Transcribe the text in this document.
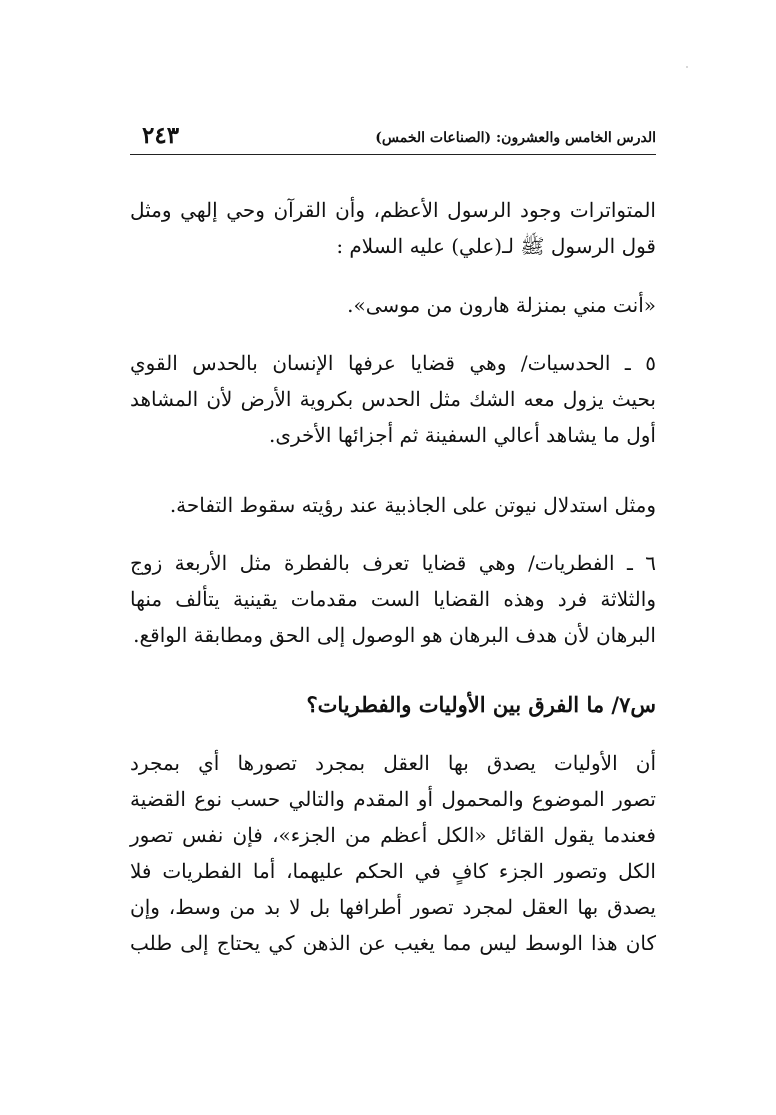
الدرس الخامس والعشرون: (الصناعات الخمس)
٢٤٣
المتواترات وجود الرسول الأعظم، وأن القرآن وحي إلهي ومثل
قول الرسول ﷺ لـ(علي) عليه السلام :
«أنت مني بمنزلة هارون من موسى».
٥ ـ الحدسيات/ وهي قضايا عرفها الإنسان بالحدس القوي
بحيث يزول معه الشك مثل الحدس بكروية الأرض لأن المشاهد
أول ما يشاهد أعالي السفينة ثم أجزائها الأخرى.
ومثل استدلال نيوتن على الجاذبية عند رؤيته سقوط التفاحة.
٦ ـ الفطريات/ وهي قضايا تعرف بالفطرة مثل الأربعة زوج
والثلاثة فرد وهذه القضايا الست مقدمات يقينية يتألف منها
البرهان لأن هدف البرهان هو الوصول إلى الحق ومطابقة الواقع.
س٧/ ما الفرق بين الأوليات والفطريات؟
أن الأوليات يصدق بها العقل بمجرد تصورها أي بمجرد
تصور الموضوع والمحمول أو المقدم والتالي حسب نوع القضية
فعندما يقول القائل «الكل أعظم من الجزء»، فإن نفس تصور
الكل وتصور الجزء كافٍ في الحكم عليهما، أما الفطريات فلا
يصدق بها العقل لمجرد تصور أطرافها بل لا بد من وسط، وإن
كان هذا الوسط ليس مما يغيب عن الذهن كي يحتاج إلى طلب
